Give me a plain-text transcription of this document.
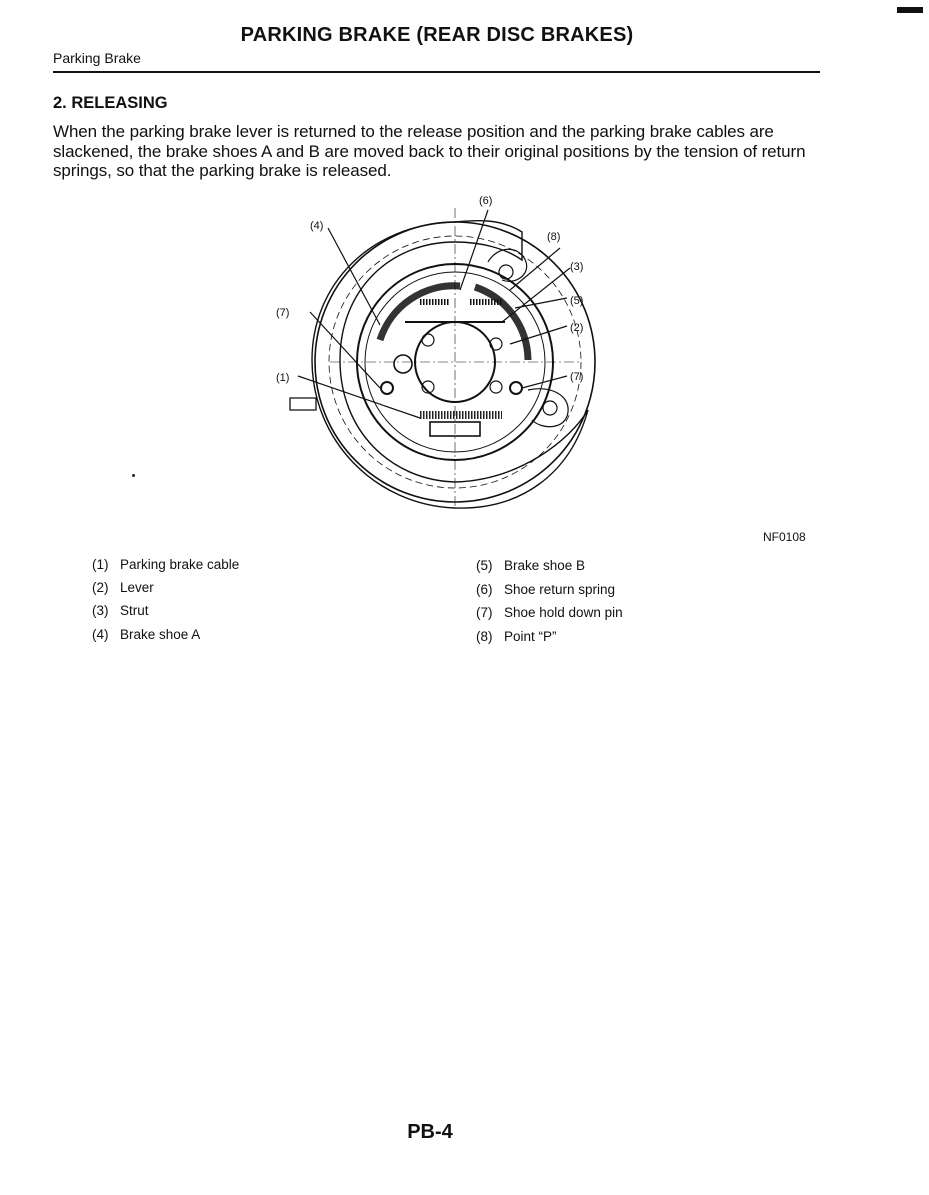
PARKING BRAKE (REAR DISC BRAKES)
Parking Brake
2. RELEASING
When the parking brake lever is returned to the release position and the parking brake cables are slackened, the brake shoes A and B are moved back to their original positions by the tension of return springs, so that the parking brake is released.
(6)
(4)
(8)
(3)
(5)
(2)
(7)
(7)
(1)
NF0108
(1) Parking brake cable
(2) Lever
(3) Strut
(4) Brake shoe A
(5) Brake shoe B
(6) Shoe return spring
(7) Shoe hold down pin
(8) Point “P”
PB-4
